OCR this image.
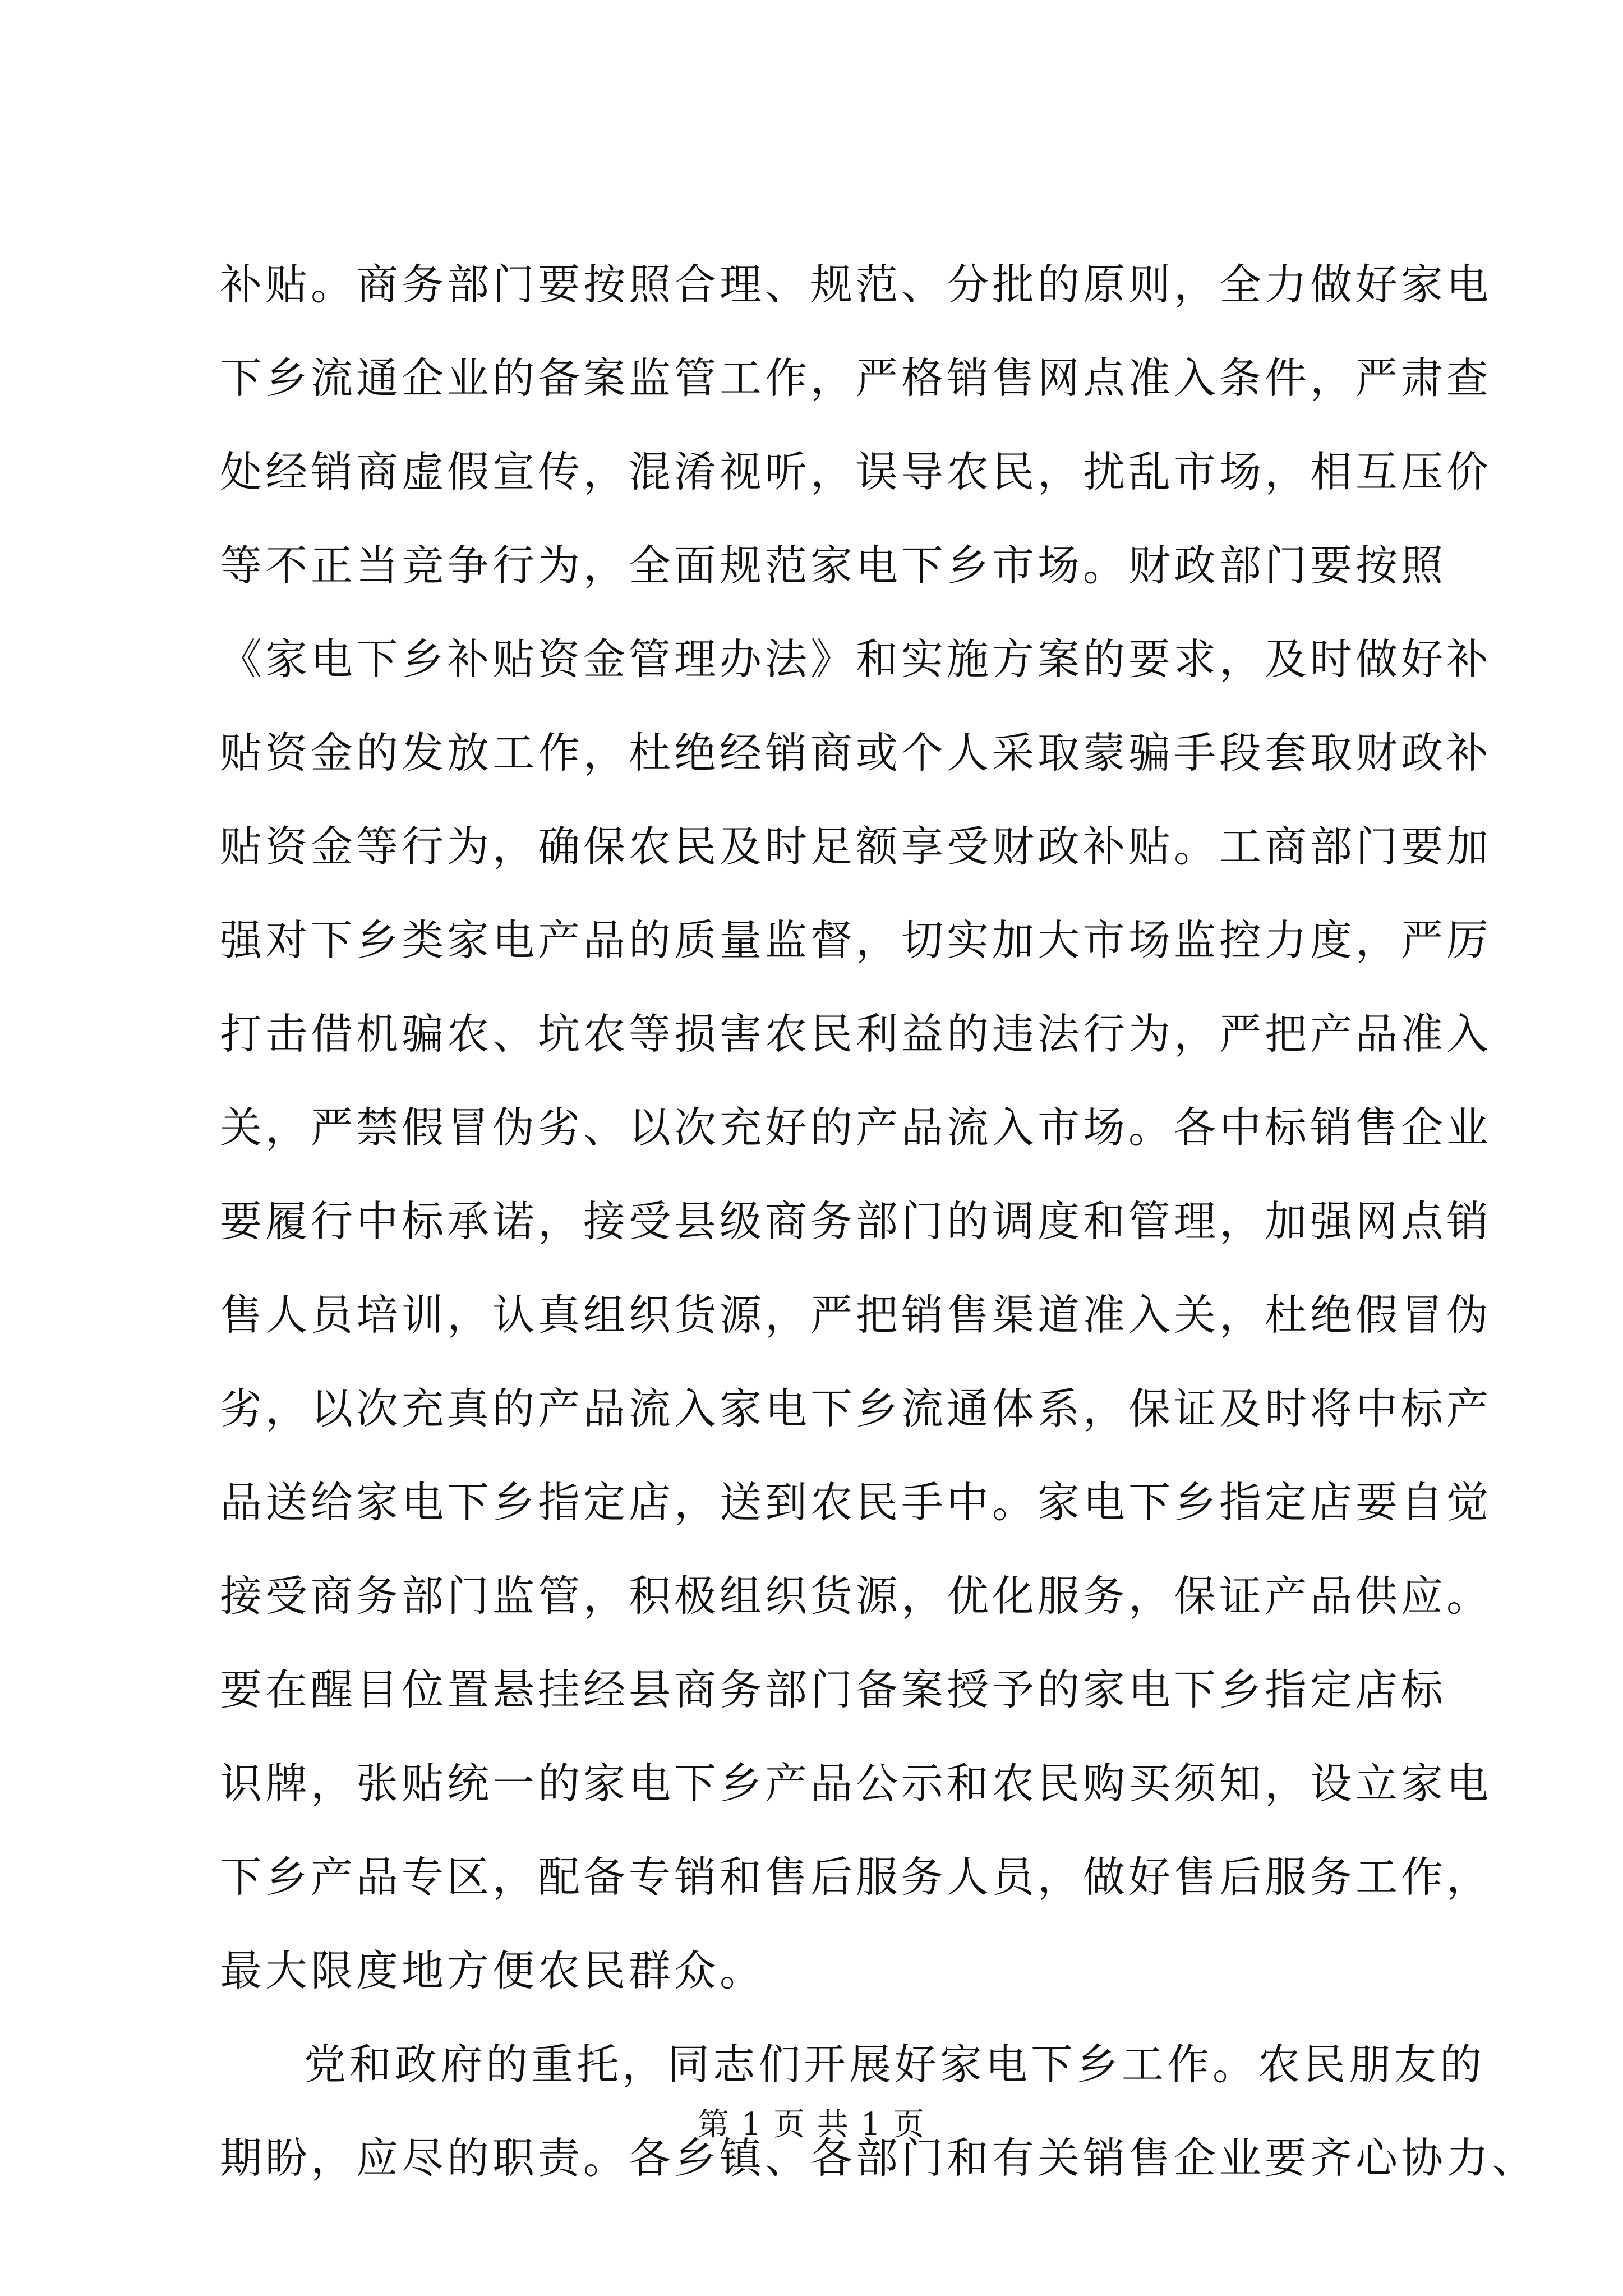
补贴。商务部门要按照合理、规范、分批的原则，全力做好家电
下乡流通企业的备案监管工作，严格销售网点准入条件，严肃查
处经销商虚假宣传，混淆视听，误导农民，扰乱市场，相互压价
等不正当竞争行为，全面规范家电下乡市场。财政部门要按照
《家电下乡补贴资金管理办法》和实施方案的要求，及时做好补
贴资金的发放工作，杜绝经销商或个人采取蒙骗手段套取财政补
贴资金等行为，确保农民及时足额享受财政补贴。工商部门要加
强对下乡类家电产品的质量监督，切实加大市场监控力度，严厉
打击借机骗农、坑农等损害农民利益的违法行为，严把产品准入
关，严禁假冒伪劣、以次充好的产品流入市场。各中标销售企业
要履行中标承诺，接受县级商务部门的调度和管理，加强网点销
售人员培训，认真组织货源，严把销售渠道准入关，杜绝假冒伪
劣，以次充真的产品流入家电下乡流通体系，保证及时将中标产
品送给家电下乡指定店，送到农民手中。家电下乡指定店要自觉
接受商务部门监管，积极组织货源，优化服务，保证产品供应。
要在醒目位置悬挂经县商务部门备案授予的家电下乡指定店标
识牌，张贴统一的家电下乡产品公示和农民购买须知，设立家电
下乡产品专区，配备专销和售后服务人员，做好售后服务工作，
最大限度地方便农民群众。
党和政府的重托，同志们开展好家电下乡工作。农民朋友的
期盼，应尽的职责。各乡镇、各部门和有关销售企业要齐心协力、
第 1 页 共 1 页
